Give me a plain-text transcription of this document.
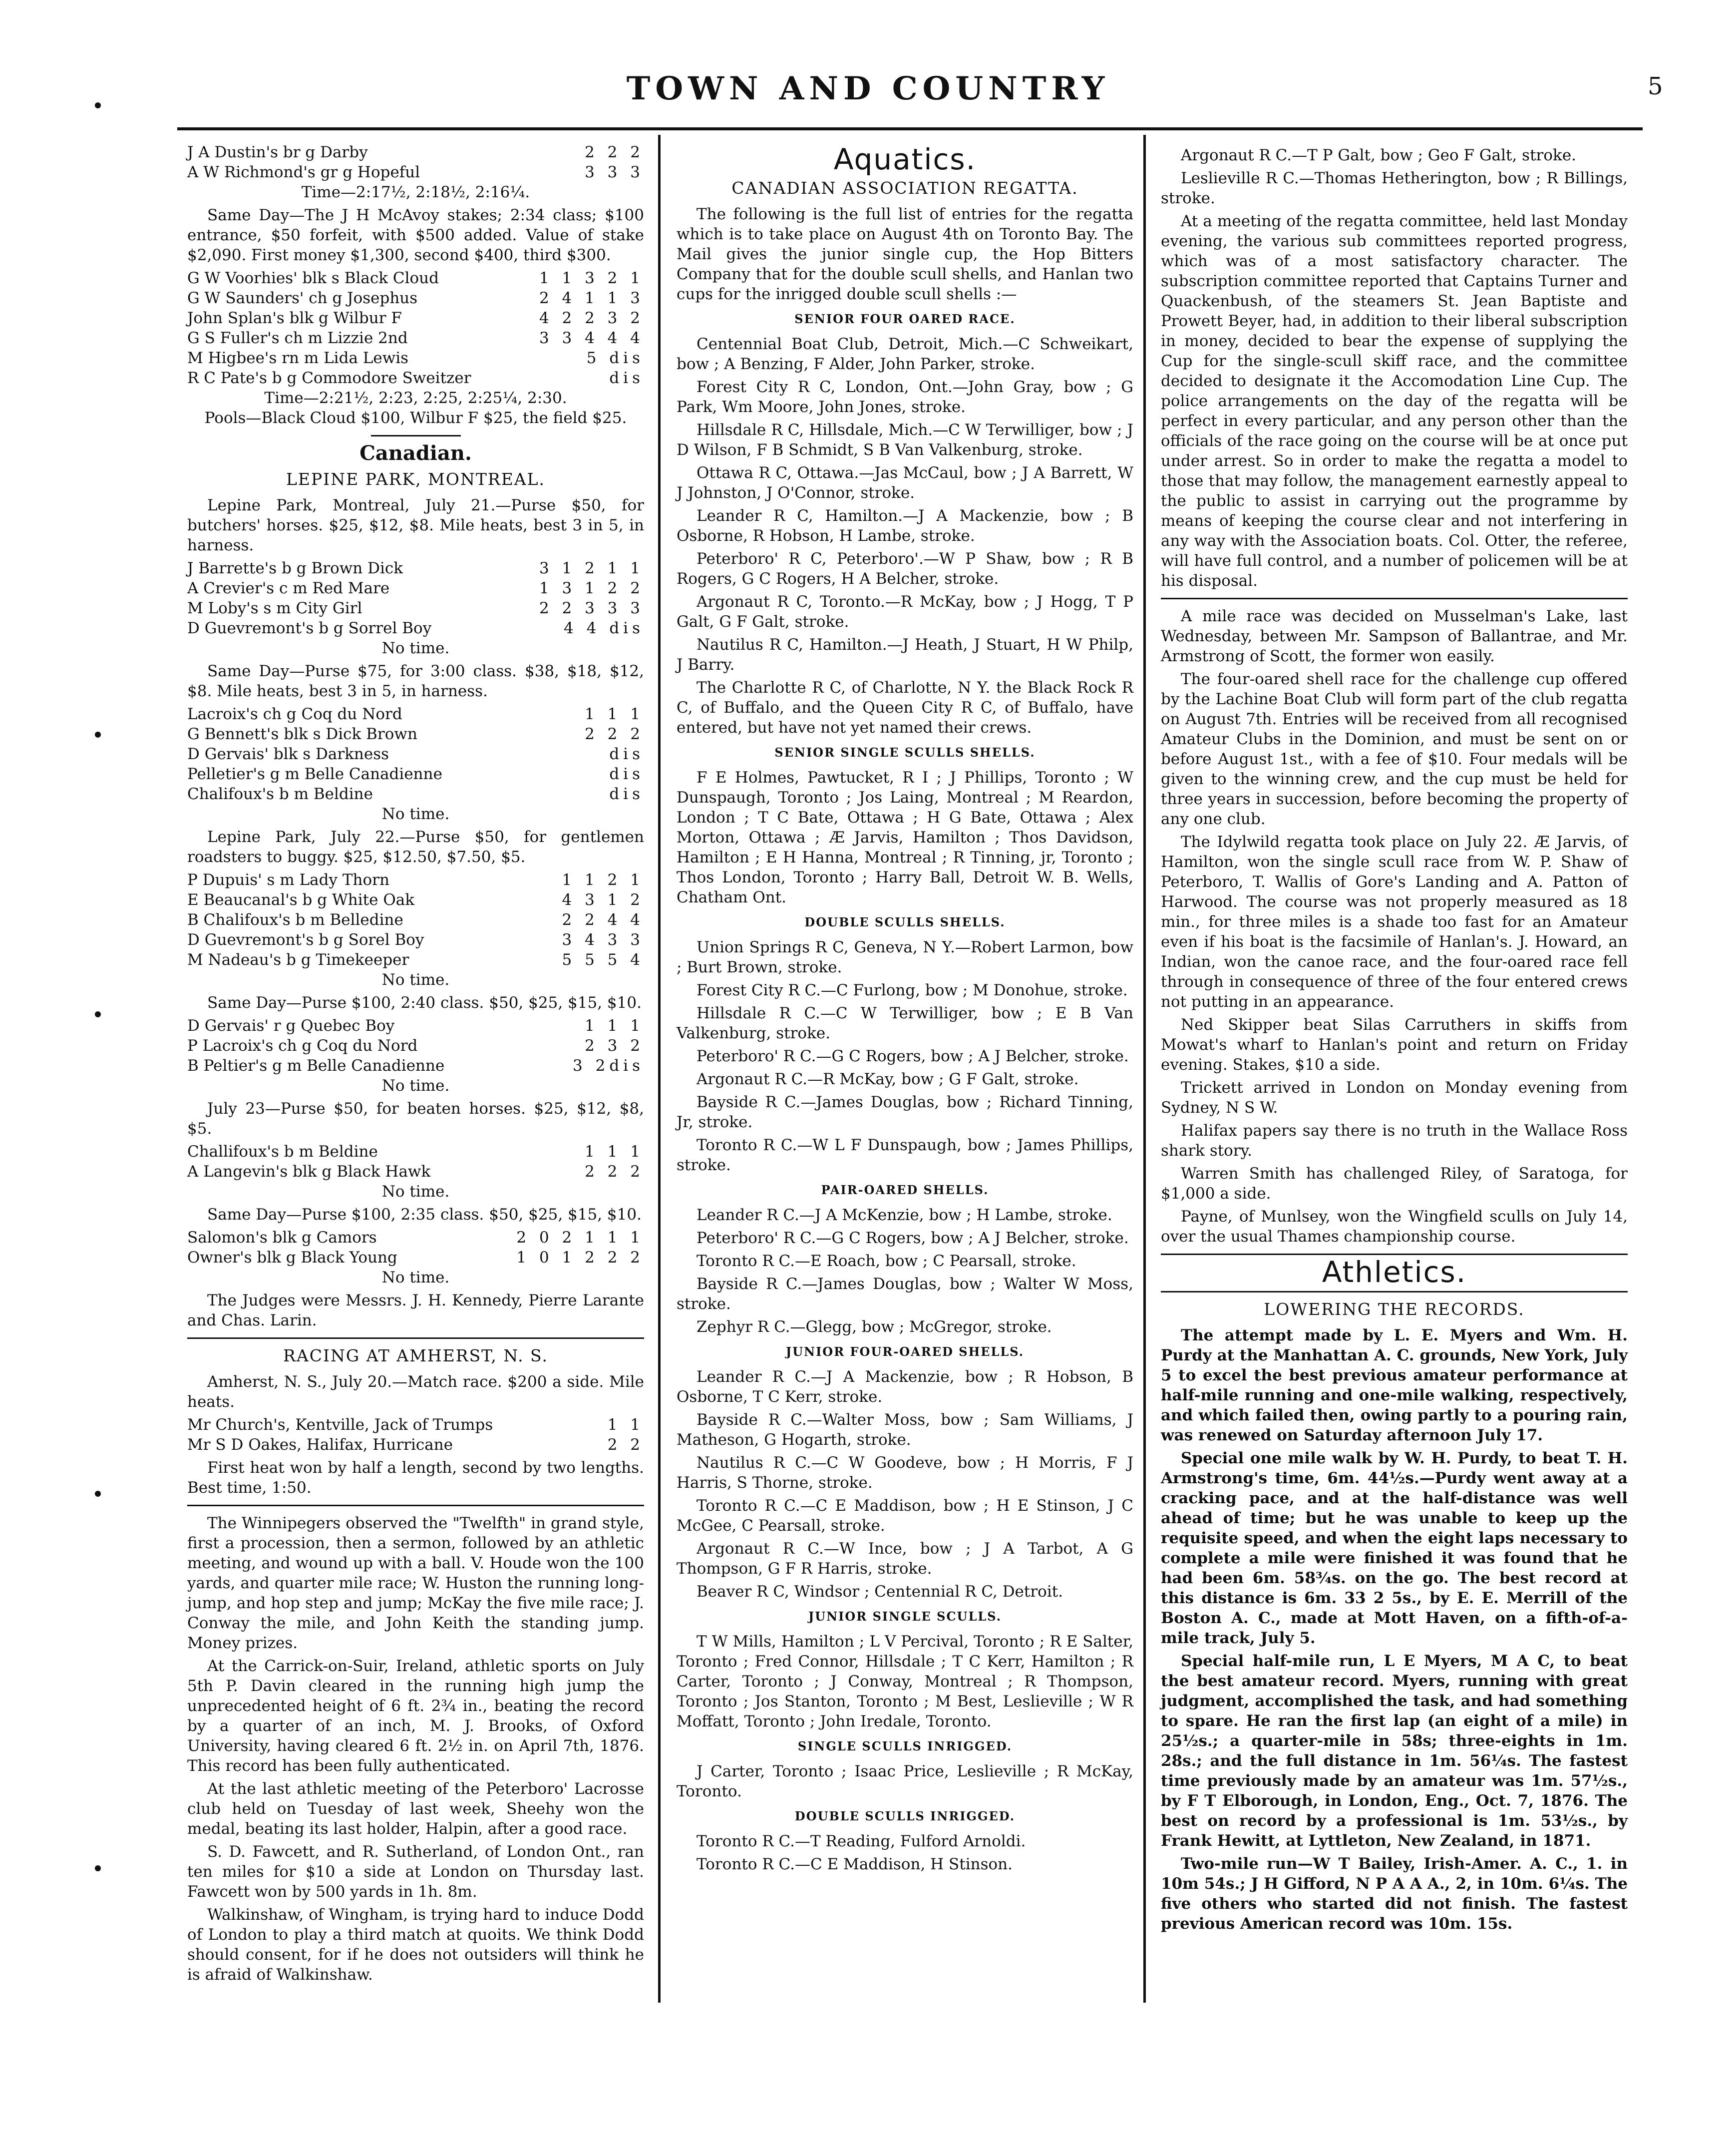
TOWN AND COUNTRY	5
J A Dustin's br g Darby	2 2 2
A W Richmond's gr g Hopeful	3 3 3
Time—2:17½, 2:18½, 2:16¼.

Same Day—The J H McAvoy stakes; 2:34 class; $100 entrance, $50 forfeit, with $500 added. Value of stake $2,090. First money $1,300, second $400, third $300.

G W Voorhies' blk s Black Cloud	1 1 3 2 1
G W Saunders' ch g Josephus	2 4 1 1 3
John Splan's blk g Wilbur F	4 2 2 3 2
G S Fuller's ch m Lizzie 2nd	3 3 4 4 4
M Higbee's rn m Lida Lewis	5 dis
R C Pate's b g Commodore Sweitzer	dis
Time—2:21½, 2:23, 2:25, 2:25¼, 2:30.
Pools—Black Cloud $100, Wilbur F $25, the field $25.
Canadian.
LEPINE PARK, MONTREAL.

Lepine Park, Montreal, July 21.—Purse $50, for butchers' horses. $25, $12, $8. Mile heats, best 3 in 5, in harness.

J Barrette's b g Brown Dick	3 1 2 1 1
A Crevier's c m Red Mare	1 3 1 2 2
M Loby's s m City Girl	2 2 3 3 3
D Guevremont's b g Sorrel Boy	4 4 dis
No time.

Same Day—Purse $75, for 3:00 class. $38, $18, $12, $8. Mile heats, best 3 in 5, in harness.

Lacroix's ch g Coq du Nord	1 1 1
G Bennett's blk s Dick Brown	2 2 2
D Gervais' blk s Darkness	dis
Pelletier's g m Belle Canadienne	dis
Chalifoux's b m Beldine	dis
No time.

Lepine Park, July 22.—Purse $50, for gentlemen roadsters to buggy. $25, $12.50, $7.50, $5.

P Dupuis' s m Lady Thorn	1 1 2 1
E Beaucanal's b g White Oak	4 3 1 2
B Chalifoux's b m Belledine	2 2 4 4
D Guevremont's b g Sorel Boy	3 4 3 3
M Nadeau's b g Timekeeper	5 5 5 4
No time.

Same Day—Purse $100, 2:40 class. $50, $25, $15, $10.

D Gervais' r g Quebec Boy	1 1 1
P Lacroix's ch g Coq du Nord	2 3 2
B Peltier's g m Belle Canadienne	3 2dis
No time.

July 23—Purse $50, for beaten horses. $25, $12, $8, $5.

Challifoux's b m Beldine	1 1 1
A Langevin's blk g Black Hawk	2 2 2
No time.

Same Day—Purse $100, 2:35 class. $50, $25, $15, $10.

Salomon's blk g Camors	2 0 2 1 1 1
Owner's blk g Black Young	1 0 1 2 2 2
No time.

The Judges were Messrs. J. H. Kennedy, Pierre Larante and Chas. Larin.

RACING AT AMHERST, N. S.

Amherst, N. S., July 20.—Match race. $200 a side. Mile heats.

Mr Church's, Kentville, Jack of Trumps	1 1
Mr S D Oakes, Halifax, Hurricane	2 2

First heat won by half a length, second by two lengths. Best time, 1:50.

The Winnipegers observed the "Twelfth" in grand style, first a procession, then a sermon, followed by an athletic meeting, and wound up with a ball. V. Houde won the 100 yards, and quarter mile race; W. Huston the running long-jump, and hop step and jump; McKay the five mile race; J. Conway the mile, and John Keith the standing jump. Money prizes.

At the Carrick-on-Suir, Ireland, athletic sports on July 5th P. Davin cleared in the running high jump the unprecedented height of 6 ft. 2¾ in., beating the record by a quarter of an inch, M. J. Brooks, of Oxford University, having cleared 6 ft. 2½ in. on April 7th, 1876. This record has been fully authenticated.

At the last athletic meeting of the Peterboro' Lacrosse club held on Tuesday of last week, Sheehy won the medal, beating its last holder, Halpin, after a good race.

S. D. Fawcett, and R. Sutherland, of London Ont., ran ten miles for $10 a side at London on Thursday last. Fawcett won by 500 yards in 1h. 8m.

Walkinshaw, of Wingham, is trying hard to induce Dodd of London to play a third match at quoits. We think Dodd should consent, for if he does not outsiders will think he is afraid of Walkinshaw.

Aquatics.
CANADIAN ASSOCIATION REGATTA.

The following is the full list of entries for the regatta which is to take place on August 4th on Toronto Bay. The Mail gives the junior single cup, the Hop Bitters Company that for the double scull shells, and Hanlan two cups for the inrigged double scull shells :—

SENIOR FOUR OARED RACE.

Centennial Boat Club, Detroit, Mich.—C Schweikart, bow ; A Benzing, F Alder, John Parker, stroke.

Forest City R C, London, Ont.—John Gray, bow ; G Park, Wm Moore, John Jones, stroke.

Hillsdale R C, Hillsdale, Mich.—C W Terwilliger, bow ; J D Wilson, F B Schmidt, S B Van Valkenburg, stroke.

Ottawa R C, Ottawa.—Jas McCaul, bow ; J A Barrett, W J Johnston, J O'Connor, stroke.

Leander R C, Hamilton.—J A Mackenzie, bow ; B Osborne, R Hobson, H Lambe, stroke.

Peterboro' R C, Peterboro'.—W P Shaw, bow ; R B Rogers, G C Rogers, H A Belcher, stroke.

Argonaut R C, Toronto.—R McKay, bow ; J Hogg, T P Galt, G F Galt, stroke.

Nautilus R C, Hamilton.—J Heath, J Stuart, H W Philp, J Barry.

The Charlotte R C, of Charlotte, N Y. the Black Rock R C, of Buffalo, and the Queen City R C, of Buffalo, have entered, but have not yet named their crews.

SENIOR SINGLE SCULLS SHELLS.

F E Holmes, Pawtucket, R I ; J Phillips, Toronto ; W Dunspaugh, Toronto ; Jos Laing, Montreal ; M Reardon, London ; T C Bate, Ottawa ; H G Bate, Ottawa ; Alex Morton, Ottawa ; Æ Jarvis, Hamilton ; Thos Davidson, Hamilton ; E H Hanna, Montreal ; R Tinning, jr, Toronto ; Thos London, Toronto ; Harry Ball, Detroit W. B. Wells, Chatham Ont.

DOUBLE SCULLS SHELLS.

Union Springs R C, Geneva, N Y.—Robert Larmon, bow ; Burt Brown, stroke.

Forest City R C.—C Furlong, bow ; M Donohue, stroke.

Hillsdale R C.—C W Terwilliger, bow ; E B Van Valkenburg, stroke.

Peterboro' R C.—G C Rogers, bow ; A J Belcher, stroke.

Argonaut R C.—R McKay, bow ; G F Galt, stroke.

Bayside R C.—James Douglas, bow ; Richard Tinning, Jr, stroke.

Toronto R C.—W L F Dunspaugh, bow ; James Phillips, stroke.

PAIR-OARED SHELLS.

Leander R C.—J A McKenzie, bow ; H Lambe, stroke.

Peterboro' R C.—G C Rogers, bow ; A J Belcher, stroke.

Toronto R C.—E Roach, bow ; C Pearsall, stroke.

Bayside R C.—James Douglas, bow ; Walter W Moss, stroke.

Zephyr R C.—Glegg, bow ; McGregor, stroke.

JUNIOR FOUR-OARED SHELLS.

Leander R C.—J A Mackenzie, bow ; R Hobson, B Osborne, T C Kerr, stroke.

Bayside R C.—Walter Moss, bow ; Sam Williams, J Matheson, G Hogarth, stroke.

Nautilus R C.—C W Goodeve, bow ; H Morris, F J Harris, S Thorne, stroke.

Toronto R C.—C E Maddison, bow ; H E Stinson, J C McGee, C Pearsall, stroke.

Argonaut R C.—W Ince, bow ; J A Tarbot, A G Thompson, G F R Harris, stroke.

Beaver R C, Windsor ; Centennial R C, Detroit.

JUNIOR SINGLE SCULLS.

T W Mills, Hamilton ; L V Percival, Toronto ; R E Salter, Toronto ; Fred Connor, Hillsdale ; T C Kerr, Hamilton ; R Carter, Toronto ; J Conway, Montreal ; R Thompson, Toronto ; Jos Stanton, Toronto ; M Best, Leslieville ; W R Moffatt, Toronto ; John Iredale, Toronto.

SINGLE SCULLS INRIGGED.

J Carter, Toronto ; Isaac Price, Leslieville ; R McKay, Toronto.

DOUBLE SCULLS INRIGGED.

Toronto R C.—T Reading, Fulford Arnoldi.

Toronto R C.—C E Maddison, H Stinson.

Argonaut R C.—T P Galt, bow ; Geo F Galt, stroke.

Leslieville R C.—Thomas Hetherington, bow ; R Billings, stroke.

At a meeting of the regatta committee, held last Monday evening, the various sub committees reported progress, which was of a most satisfactory character. The subscription committee reported that Captains Turner and Quackenbush, of the steamers St. Jean Baptiste and Prowett Beyer, had, in addition to their liberal subscription in money, decided to bear the expense of supplying the Cup for the single-scull skiff race, and the committee decided to designate it the Accomodation Line Cup. The police arrangements on the day of the regatta will be perfect in every particular, and any person other than the officials of the race going on the course will be at once put under arrest. So in order to make the regatta a model to those that may follow, the management earnestly appeal to the public to assist in carrying out the programme by means of keeping the course clear and not interfering in any way with the Association boats. Col. Otter, the referee, will have full control, and a number of policemen will be at his disposal.

A mile race was decided on Musselman's Lake, last Wednesday, between Mr. Sampson of Ballantrae, and Mr. Armstrong of Scott, the former won easily.

The four-oared shell race for the challenge cup offered by the Lachine Boat Club will form part of the club regatta on August 7th. Entries will be received from all recognised Amateur Clubs in the Dominion, and must be sent on or before August 1st., with a fee of $10. Four medals will be given to the winning crew, and the cup must be held for three years in succession, before becoming the property of any one club.

The Idylwild regatta took place on July 22. Æ Jarvis, of Hamilton, won the single scull race from W. P. Shaw of Peterboro, T. Wallis of Gore's Landing and A. Patton of Harwood. The course was not properly measured as 18 min., for three miles is a shade too fast for an Amateur even if his boat is the facsimile of Hanlan's. J. Howard, an Indian, won the canoe race, and the four-oared race fell through in consequence of three of the four entered crews not putting in an appearance.

Ned Skipper beat Silas Carruthers in skiffs from Mowat's wharf to Hanlan's point and return on Friday evening. Stakes, $10 a side.

Trickett arrived in London on Monday evening from Sydney, N S W.

Halifax papers say there is no truth in the Wallace Ross shark story.

Warren Smith has challenged Riley, of Saratoga, for $1,000 a side.

Payne, of Munlsey, won the Wingfield sculls on July 14, over the usual Thames championship course.

Athletics.
LOWERING THE RECORDS.

The attempt made by L. E. Myers and Wm. H. Purdy at the Manhattan A. C. grounds, New York, July 5 to excel the best previous amateur performance at half-mile running and one-mile walking, respectively, and which failed then, owing partly to a pouring rain, was renewed on Saturday afternoon July 17.

Special one mile walk by W. H. Purdy, to beat T. H. Armstrong's time, 6m. 44½s.—Purdy went away at a cracking pace, and at the half-distance was well ahead of time; but he was unable to keep up the requisite speed, and when the eight laps necessary to complete a mile were finished it was found that he had been 6m. 58¾s. on the go. The best record at this distance is 6m. 33 2 5s., by E. E. Merrill of the Boston A. C., made at Mott Haven, on a fifth-of-a-mile track, July 5.

Special half-mile run, L E Myers, M A C, to beat the best amateur record. Myers, running with great judgment, accomplished the task, and had something to spare. He ran the first lap (an eight of a mile) in 25½s.; a quarter-mile in 58s; three-eights in 1m. 28s.; and the full distance in 1m. 56¼s. The fastest time previously made by an amateur was 1m. 57½s., by F T Elborough, in London, Eng., Oct. 7, 1876. The best on record by a professional is 1m. 53½s., by Frank Hewitt, at Lyttleton, New Zealand, in 1871.

Two-mile run—W T Bailey, Irish-Amer. A. C., 1. in 10m 54s.; J H Gifford, N P A A A., 2, in 10m. 6¼s. The five others who started did not finish. The fastest previous American record was 10m. 15s.
